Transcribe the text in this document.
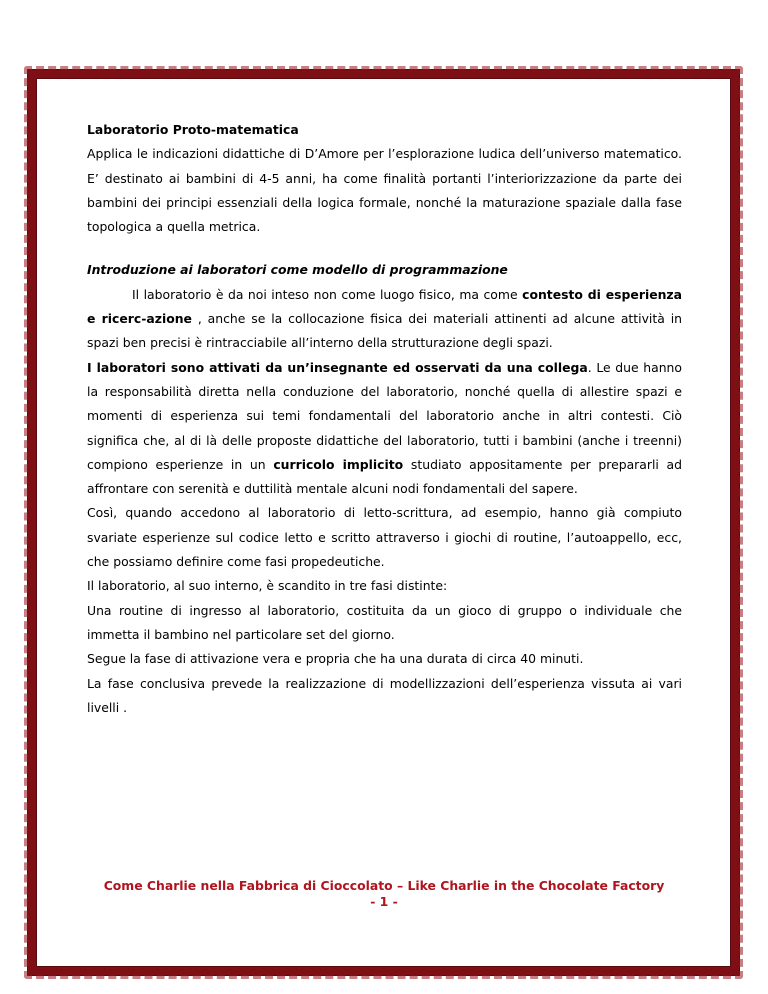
Laboratorio Proto-matematica

Applica le indicazioni didattiche di D’Amore per l’esplorazione ludica dell’universo matematico. E’ destinato ai bambini di 4-5 anni, ha come finalità portanti l’interiorizzazione da parte dei bambini dei principi essenziali della logica formale, nonché la maturazione spaziale dalla fase topologica a quella metrica.

Introduzione ai laboratori come modello di programmazione

Il laboratorio è da noi inteso non come luogo fisico, ma come contesto di esperienza e ricerc-azione , anche se la collocazione fisica dei materiali attinenti ad alcune attività in spazi ben precisi è rintracciabile all’interno della strutturazione degli spazi.

I laboratori sono attivati da un’insegnante ed osservati da una collega. Le due hanno la responsabilità diretta nella conduzione del laboratorio, nonché quella di allestire spazi e momenti di esperienza sui temi fondamentali del laboratorio anche in altri contesti. Ciò significa che, al di là delle proposte didattiche del laboratorio, tutti i bambini (anche i treenni) compiono esperienze in un curricolo implicito studiato appositamente per prepararli ad affrontare con serenità e duttilità mentale alcuni nodi fondamentali del sapere.

Così, quando accedono al laboratorio di letto-scrittura, ad esempio, hanno già compiuto svariate esperienze sul codice letto e scritto attraverso i giochi di routine, l’autoappello, ecc, che possiamo definire come fasi propedeutiche.

Il laboratorio, al suo interno, è scandito in tre fasi distinte:

Una routine di ingresso al laboratorio, costituita da un gioco di gruppo o individuale che immetta il bambino nel particolare set del giorno.

Segue la fase di attivazione vera e propria che ha una durata di circa 40 minuti.

La fase conclusiva prevede la realizzazione di modellizzazioni dell’esperienza vissuta ai vari livelli .

Come Charlie nella Fabbrica di Cioccolato – Like Charlie in the Chocolate Factory
- 1 -
